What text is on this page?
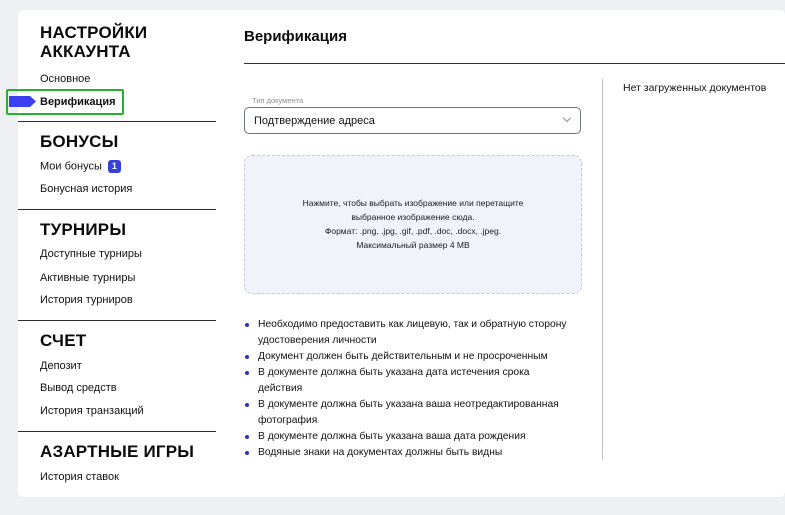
НАСТРОЙКИ
АККАУНТА
Основное
Верификация
БОНУСЫ
Мои бонусы 1
Бонусная история
ТУРНИРЫ
Доступные турниры
Активные турниры
История турниров
СЧЕТ
Депозит
Вывод средств
История транзакций
АЗАРТНЫЕ ИГРЫ
История ставок
Верификация
Тип документа
Подтверждение адреса
Нажмите, чтобы выбрать изображение или перетащите
выбранное изображение сюда.
Формат: .png, .jpg, .gif, .pdf, .doc, .docx, .jpeg.
Максимальный размер 4 MB
Необходимо предоставить как лицевую, так и обратную сторону
удостоверения личности
Документ должен быть действительным и не просроченным
В документе должна быть указана дата истечения срока
действия
В документе должна быть указана ваша неотредактированная
фотография
В документе должна быть указана ваша дата рождения
Водяные знаки на документах должны быть видны
Нет загруженных документов
